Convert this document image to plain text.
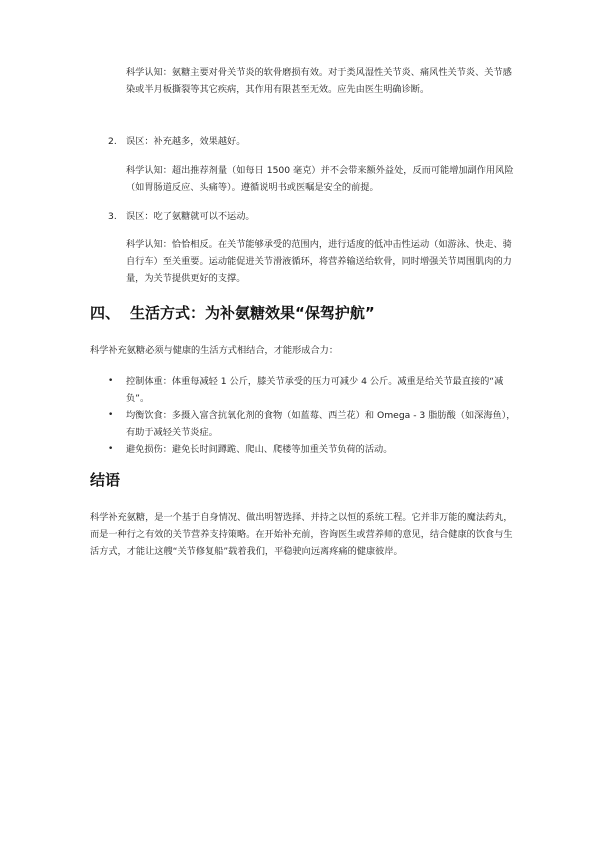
科学认知：氨糖主要对骨关节炎的软骨磨损有效。对于类风湿性关节炎、痛风性关节炎、关节感染或半月板撕裂等其它疾病，其作用有限甚至无效。应先由医生明确诊断。

2. 误区：补充越多，效果越好。

科学认知：超出推荐剂量（如每日 1500 毫克）并不会带来额外益处，反而可能增加副作用风险（如胃肠道反应、头痛等）。遵循说明书或医嘱是安全的前提。

3. 误区：吃了氨糖就可以不运动。

科学认知：恰恰相反。在关节能够承受的范围内，进行适度的低冲击性运动（如游泳、快走、骑自行车）至关重要。运动能促进关节滑液循环，将营养输送给软骨，同时增强关节周围肌肉的力量，为关节提供更好的支撑。

四、 生活方式：为补氨糖效果“保驾护航”

科学补充氨糖必须与健康的生活方式相结合，才能形成合力：

• 控制体重：体重每减轻 1 公斤，膝关节承受的压力可减少 4 公斤。减重是给关节最直接的“减负”。
• 均衡饮食：多摄入富含抗氧化剂的食物（如蓝莓、西兰花）和 Omega - 3 脂肪酸（如深海鱼），有助于减轻关节炎症。
• 避免损伤：避免长时间蹲跪、爬山、爬楼等加重关节负荷的活动。
结语

科学补充氨糖，是一个基于自身情况、做出明智选择、并持之以恒的系统工程。它并非万能的魔法药丸，而是一种行之有效的关节营养支持策略。在开始补充前，咨询医生或营养师的意见，结合健康的饮食与生活方式，才能让这艘“关节修复船”载着我们，平稳驶向远离疼痛的健康彼岸。
